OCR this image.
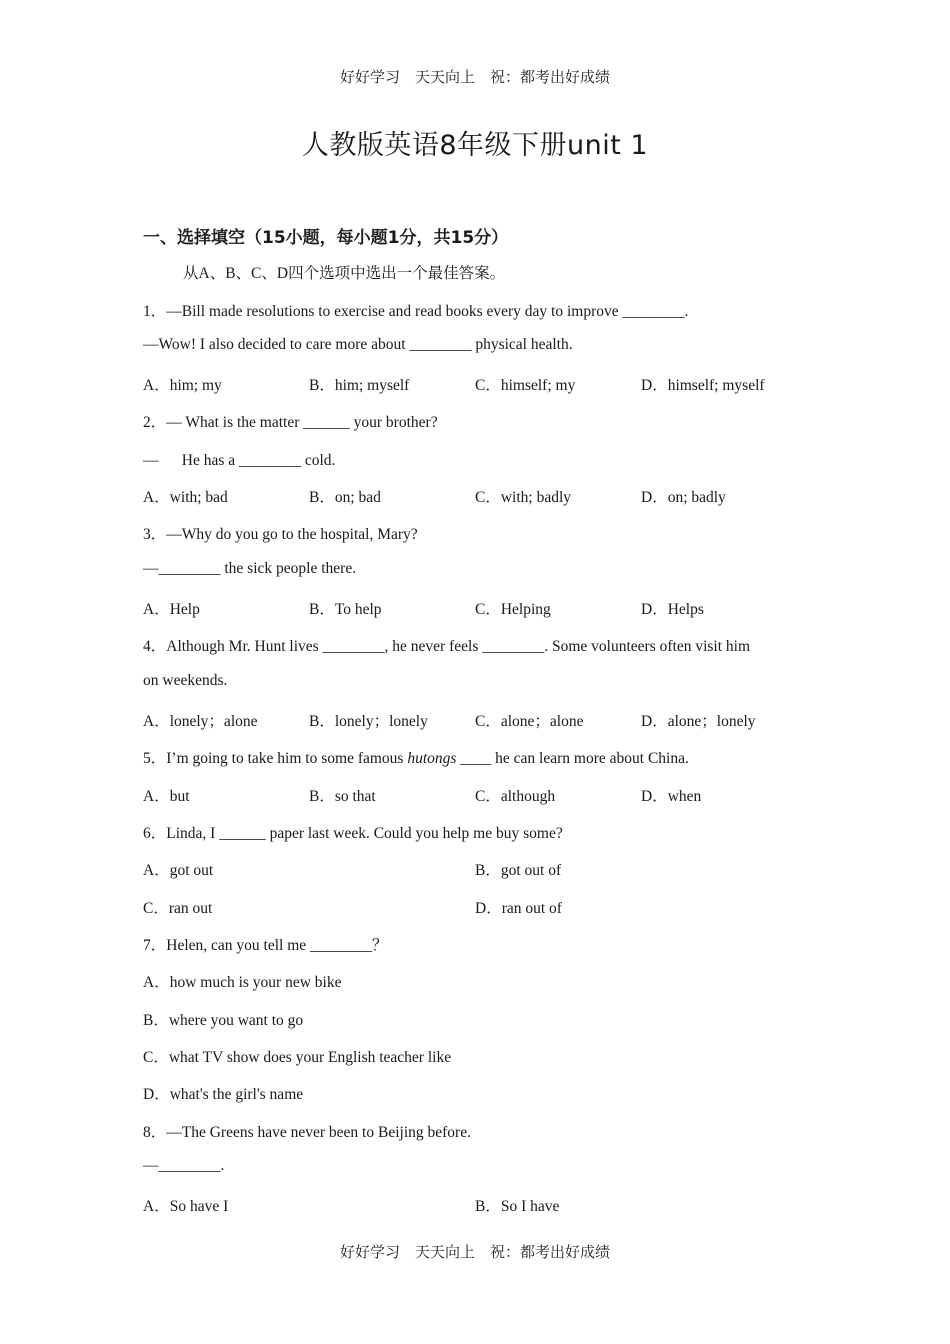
好好学习　天天向上　祝：都考出好成绩
人教版英语8年级下册unit 1
一、选择填空（15小题，每小题1分，共15分）
从A、B、C、D四个选项中选出一个最佳答案。
1．—Bill made resolutions to exercise and read books every day to improve ________.
—Wow! I also decided to care more about ________ physical health.
A．him; my	B．him; myself	C．himself; my	D．himself; myself
2．— What is the matter ______ your brother?
—　  He has a ________ cold.
A．with; bad	B．on; bad	C．with; badly	D．on; badly
3．—Why do you go to the hospital, Mary?
—________ the sick people there.
A．Help	B．To help	C．Helping	D．Helps
4．Although Mr. Hunt lives ________, he never feels ________. Some volunteers often visit him
on weekends.
A．lonely；alone	B．lonely；lonely	C．alone；alone	D．alone；lonely
5．I’m going to take him to some famous hutongs ____ he can learn more about China.
A．but	B．so that	C．although	D．when
6．Linda, I ______ paper last week. Could you help me buy some?
A．got out	B．got out of
C．ran out	D．ran out of
7．Helen, can you tell me ________？
A．how much is your new bike
B．where you want to go
C．what TV show does your English teacher like
D．what's the girl's name
8．—The Greens have never been to Beijing before.
—________.
A．So have I	B．So I have
好好学习　天天向上　祝：都考出好成绩
